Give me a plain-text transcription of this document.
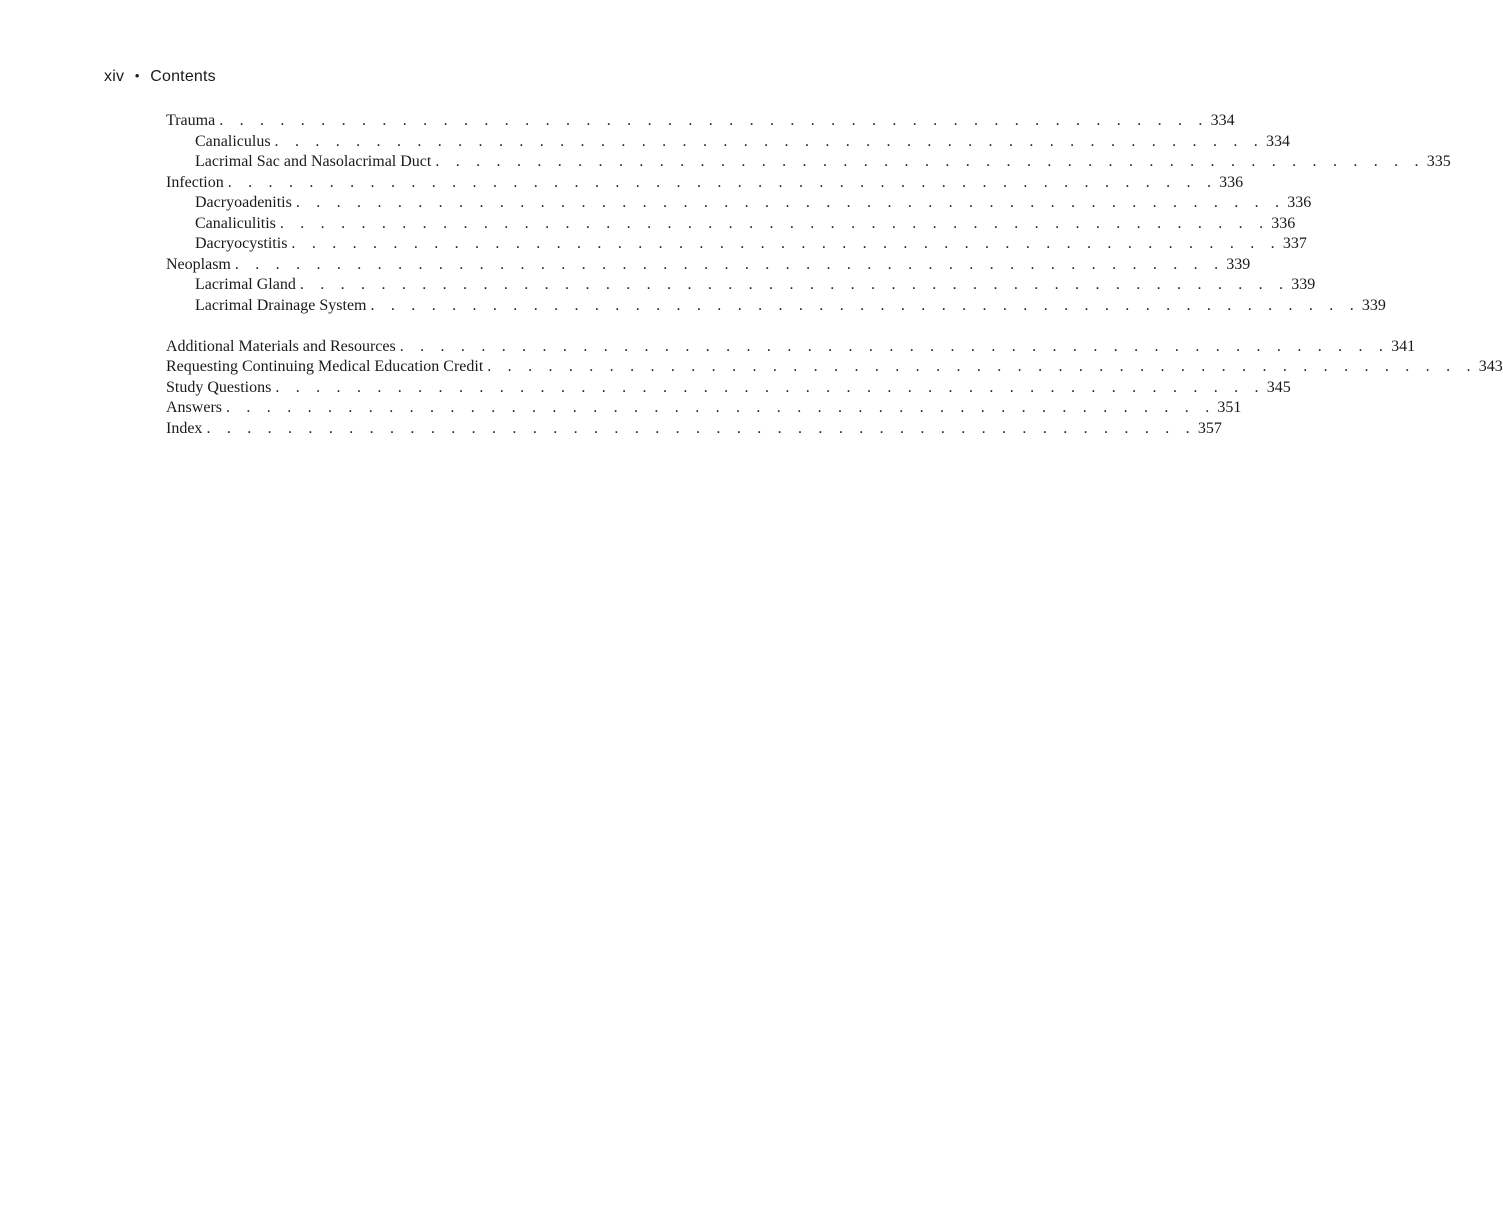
xiv • Contents
Trauma . . . . . . . . . . . . . . . . . . . . . . . . . . . . . . . . . . . . . . . . . . . . . . . . . 334
Canaliculus . . . . . . . . . . . . . . . . . . . . . . . . . . . . . . . . . . . . . . . . . . . . . . . . . 334
Lacrimal Sac and Nasolacrimal Duct . . . . . . . . . . . . . . . . . . . . . . . . . . . . . . . . . . . . . . . . . . . . . . . . . 335
Infection . . . . . . . . . . . . . . . . . . . . . . . . . . . . . . . . . . . . . . . . . . . . . . . . . 336
Dacryoadenitis . . . . . . . . . . . . . . . . . . . . . . . . . . . . . . . . . . . . . . . . . . . . . . . . . 336
Canaliculitis . . . . . . . . . . . . . . . . . . . . . . . . . . . . . . . . . . . . . . . . . . . . . . . . . 336
Dacryocystitis . . . . . . . . . . . . . . . . . . . . . . . . . . . . . . . . . . . . . . . . . . . . . . . . . 337
Neoplasm . . . . . . . . . . . . . . . . . . . . . . . . . . . . . . . . . . . . . . . . . . . . . . . . . 339
Lacrimal Gland . . . . . . . . . . . . . . . . . . . . . . . . . . . . . . . . . . . . . . . . . . . . . . . . . 339
Lacrimal Drainage System . . . . . . . . . . . . . . . . . . . . . . . . . . . . . . . . . . . . . . . . . . . . . . . . . 339
Additional Materials and Resources . . . . . . . . . . . . . . . . . . . . . . . . . . . . . . . . . . . . . . . . . . . . . . . . . 341
Requesting Continuing Medical Education Credit . . . . . . . . . . . . . . . . . . . . . . . . . . . . . . . . . . . . . . . . . . . . . . . . . 343
Study Questions . . . . . . . . . . . . . . . . . . . . . . . . . . . . . . . . . . . . . . . . . . . . . . . . . 345
Answers . . . . . . . . . . . . . . . . . . . . . . . . . . . . . . . . . . . . . . . . . . . . . . . . . 351
Index . . . . . . . . . . . . . . . . . . . . . . . . . . . . . . . . . . . . . . . . . . . . . . . . . 357
